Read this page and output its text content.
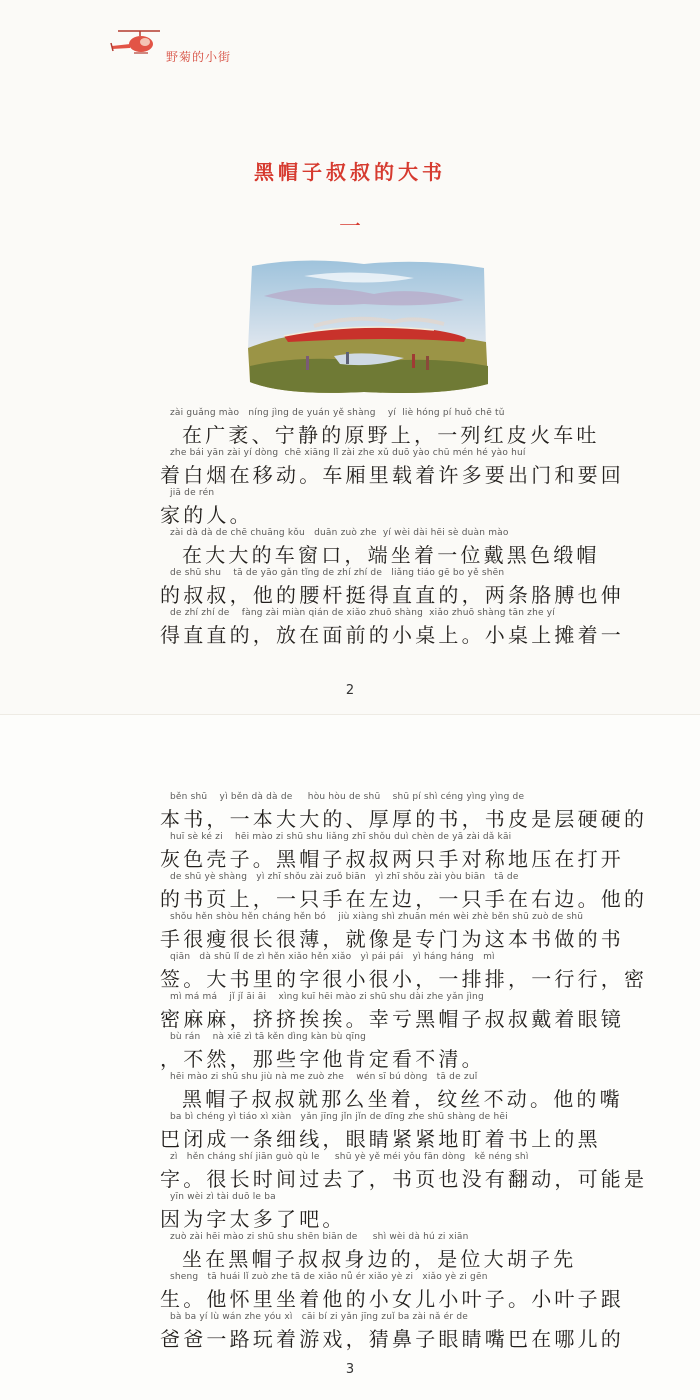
野菊的小街
黑帽子叔叔的大书
一
zài guǎng mào   níng jìng de yuán yě shàng    yí  liè hóng pí huǒ chē tǔ
在广袤、宁静的原野上，一列红皮火车吐
zhe bái yān zài yí dòng  chē xiāng lǐ zài zhe xǔ duō yào chū mén hé yào huí
着白烟在移动。车厢里载着许多要出门和要回
jiā de rén
家的人。
zài dà dà de chē chuāng kǒu   duān zuò zhe  yí wèi dài hēi sè duàn mào
在大大的车窗口，端坐着一位戴黑色缎帽
de shū shu    tā de yāo gǎn tǐng de zhí zhí de   liǎng tiáo gē bo yě shēn
的叔叔，他的腰杆挺得直直的，两条胳膊也伸
de zhí zhí de    fàng zài miàn qián de xiǎo zhuō shàng  xiǎo zhuō shàng tān zhe yí
得直直的，放在面前的小桌上。小桌上摊着一
2
běn shū    yì běn dà dà de     hòu hòu de shū    shū pí shì céng yìng yìng de
本书，一本大大的、厚厚的书，书皮是层硬硬的
huī sè ké zi    hēi mào zi shū shu liǎng zhī shǒu duì chèn de yā zài dǎ kāi
灰色壳子。黑帽子叔叔两只手对称地压在打开
de shū yè shàng   yì zhī shǒu zài zuǒ biān   yì zhī shǒu zài yòu biān   tā de
的书页上，一只手在左边，一只手在右边。他的
shǒu hěn shòu hěn cháng hěn bó    jiù xiàng shì zhuān mén wèi zhè běn shū zuò de shū
手很瘦很长很薄，就像是专门为这本书做的书
qiān   dà shū lǐ de zì hěn xiǎo hěn xiǎo   yì pái pái   yì háng háng   mì
签。大书里的字很小很小，一排排，一行行，密
mì má má    jǐ jǐ āi āi    xìng kuī hēi mào zi shū shu dài zhe yǎn jìng
密麻麻，挤挤挨挨。幸亏黑帽子叔叔戴着眼镜
bù rán    nà xiē zì tā kěn dìng kàn bù qīng
，不然，那些字他肯定看不清。
hēi mào zi shū shu jiù nà me zuò zhe    wén sī bú dòng   tā de zuǐ
黑帽子叔叔就那么坐着，纹丝不动。他的嘴
ba bì chéng yì tiáo xì xiàn   yǎn jīng jǐn jǐn de dīng zhe shū shàng de hēi
巴闭成一条细线，眼睛紧紧地盯着书上的黑
zì   hěn cháng shí jiān guò qù le     shū yè yě méi yǒu fān dòng   kě néng shì
字。很长时间过去了，书页也没有翻动，可能是
yīn wèi zì tài duō le ba
因为字太多了吧。
zuò zài hēi mào zi shū shu shēn biān de     shì wèi dà hú zi xiān
坐在黑帽子叔叔身边的，是位大胡子先
sheng   tā huái lǐ zuò zhe tā de xiǎo nǚ ér xiǎo yè zi   xiǎo yè zi gēn
生。他怀里坐着他的小女儿小叶子。小叶子跟
bà ba yí lù wán zhe yóu xì   cāi bí zi yǎn jīng zuǐ ba zài nǎ ér de
爸爸一路玩着游戏，猜鼻子眼睛嘴巴在哪儿的
3
